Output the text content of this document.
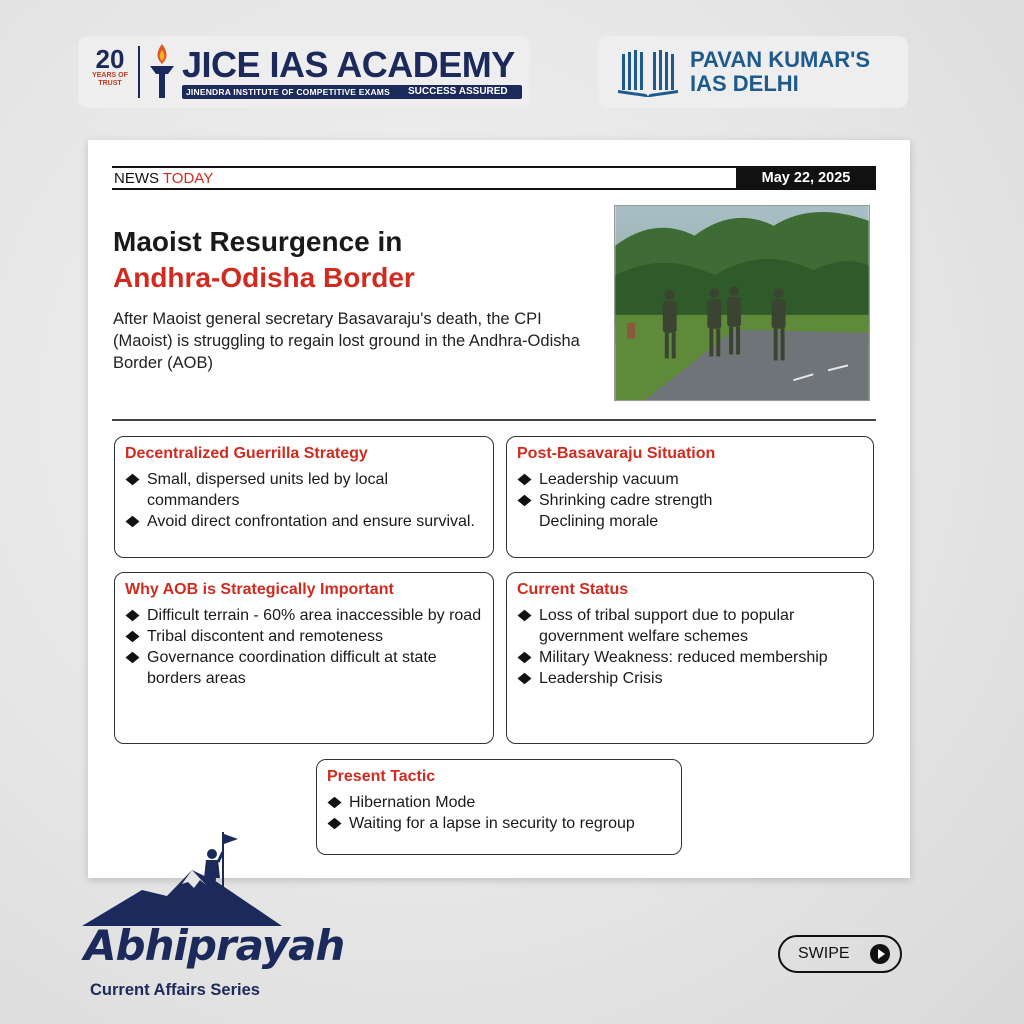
20
YEARS OF TRUST	JICE IAS ACADEMY
JINENDRA INSTITUTE OF COMPETITIVE EXAMS SUCCESS ASSURED
PAVAN KUMAR'S
IAS DELHI
NEWS TODAY	May 22, 2025
Maoist Resurgence in
Andhra-Odisha Border
After Maoist general secretary Basavaraju's death, the CPI (Maoist) is struggling to regain lost ground in the Andhra-Odisha Border (AOB)
Decentralized Guerrilla Strategy
Small, dispersed units led by local commanders
Avoid direct confrontation and ensure survival.
Post-Basavaraju Situation
Leadership vacuum
Shrinking cadre strength
Declining morale
Why AOB is Strategically Important
Difficult terrain - 60% area inaccessible by road
Tribal discontent and remoteness
Governance coordination difficult at state borders areas
Current Status
Loss of tribal support due to popular government welfare schemes
Military Weakness: reduced membership
Leadership Crisis
Present Tactic
Hibernation Mode
Waiting for a lapse in security to regroup
Abhiprayah
Current Affairs Series
SWIPE
